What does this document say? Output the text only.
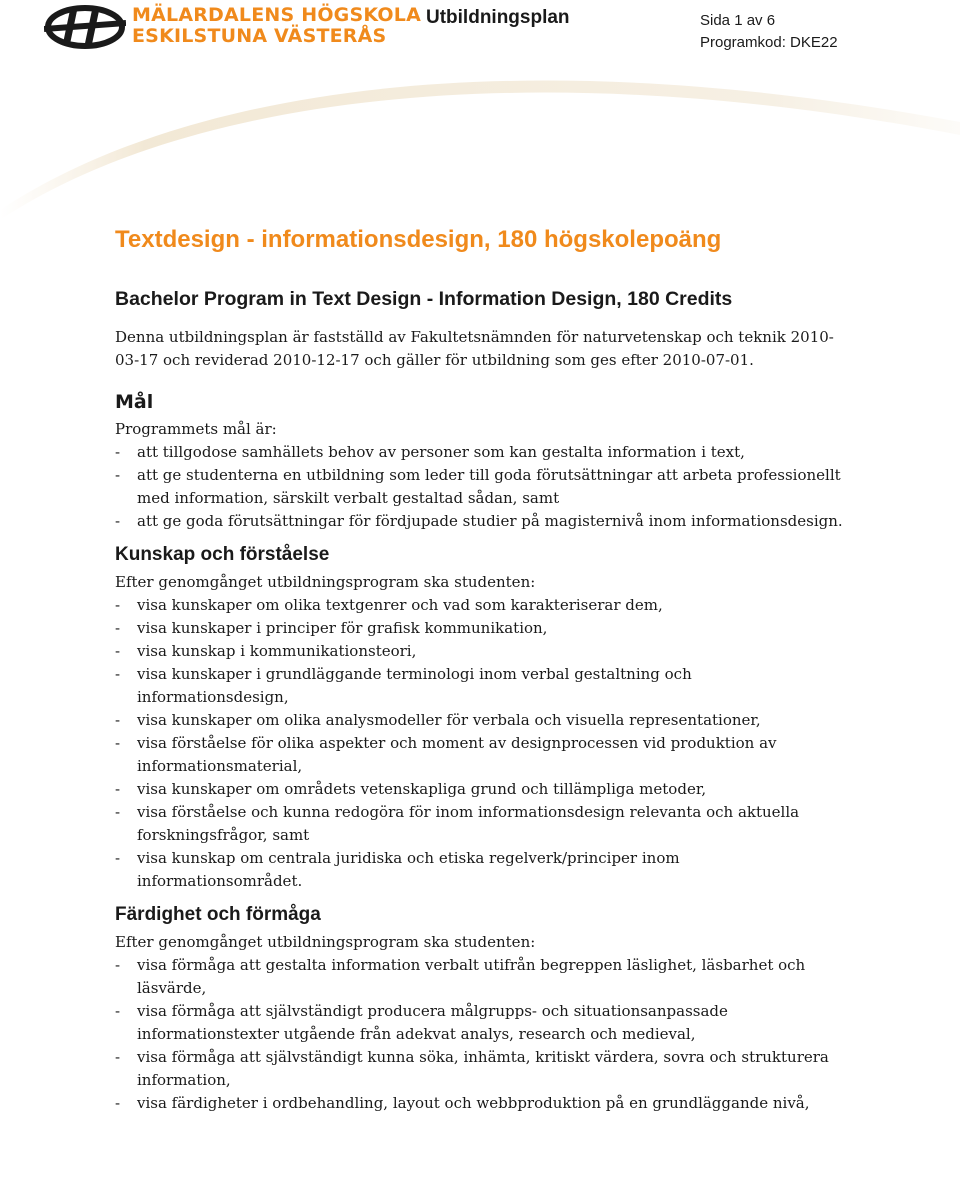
MÄLARDALENS HÖGSKOLA
ESKILSTUNA VÄSTERÅS
Utbildningsplan	Sida 1 av 6
Programkod: DKE22
Textdesign - informationsdesign, 180 högskolepoäng
Bachelor Program in Text Design - Information Design, 180 Credits

Denna utbildningsplan är fastställd av Fakultetsnämnden för naturvetenskap och teknik 2010-03-17 och reviderad 2010-12-17 och gäller för utbildning som ges efter 2010-07-01.

Mål

Programmets mål är:

- att tillgodose samhällets behov av personer som kan gestalta information i text,
- att ge studenterna en utbildning som leder till goda förutsättningar att arbeta professionellt med information, särskilt verbalt gestaltad sådan, samt
- att ge goda förutsättningar för fördjupade studier på magisternivå inom informationsdesign.
Kunskap och förståelse

Efter genomgånget utbildningsprogram ska studenten:

- visa kunskaper om olika textgenrer och vad som karakteriserar dem,
- visa kunskaper i principer för grafisk kommunikation,
- visa kunskap i kommunikationsteori,
- visa kunskaper i grundläggande terminologi inom verbal gestaltning och informationsdesign,
- visa kunskaper om olika analysmodeller för verbala och visuella representationer,
- visa förståelse för olika aspekter och moment av designprocessen vid produktion av informationsmaterial,
- visa kunskaper om områdets vetenskapliga grund och tillämpliga metoder,
- visa förståelse och kunna redogöra för inom informationsdesign relevanta och aktuella forskningsfrågor, samt
- visa kunskap om centrala juridiska och etiska regelverk/principer inom informationsområdet.
Färdighet och förmåga

Efter genomgånget utbildningsprogram ska studenten:

- visa förmåga att gestalta information verbalt utifrån begreppen läslighet, läsbarhet och läsvärde,
- visa förmåga att självständigt producera målgrupps- och situationsanpassade informationstexter utgående från adekvat analys, research och medieval,
- visa förmåga att självständigt kunna söka, inhämta, kritiskt värdera, sovra och strukturera information,
- visa färdigheter i ordbehandling, layout och webbproduktion på en grundläggande nivå,
